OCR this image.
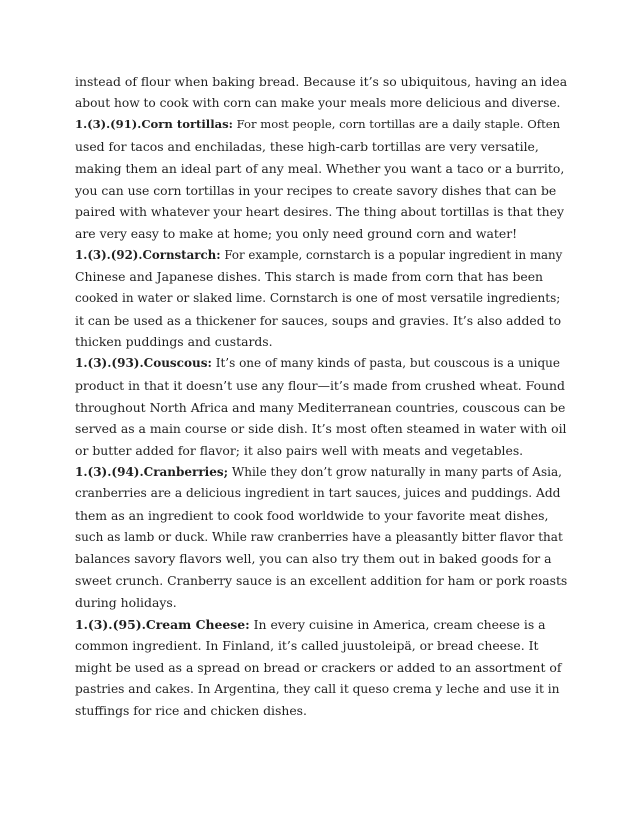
instead of flour when baking bread. Because it’s so ubiquitous, having an idea
about how to cook with corn can make your meals more delicious and diverse.
1.(3).(91).Corn tortillas: For most people, corn tortillas are a daily staple. Often
used for tacos and enchiladas, these high-carb tortillas are very versatile,
making them an ideal part of any meal. Whether you want a taco or a burrito,
you can use corn tortillas in your recipes to create savory dishes that can be
paired with whatever your heart desires. The thing about tortillas is that they
are very easy to make at home; you only need ground corn and water!
1.(3).(92).Cornstarch: For example, cornstarch is a popular ingredient in many
Chinese and Japanese dishes. This starch is made from corn that has been
cooked in water or slaked lime. Cornstarch is one of most versatile ingredients;
it can be used as a thickener for sauces, soups and gravies. It’s also added to
thicken puddings and custards.
1.(3).(93).Couscous: It’s one of many kinds of pasta, but couscous is a unique
product in that it doesn’t use any flour—it’s made from crushed wheat. Found
throughout North Africa and many Mediterranean countries, couscous can be
served as a main course or side dish. It’s most often steamed in water with oil
or butter added for flavor; it also pairs well with meats and vegetables.
1.(3).(94).Cranberries; While they don’t grow naturally in many parts of Asia,
cranberries are a delicious ingredient in tart sauces, juices and puddings. Add
them as an ingredient to cook food worldwide to your favorite meat dishes,
such as lamb or duck. While raw cranberries have a pleasantly bitter flavor that
balances savory flavors well, you can also try them out in baked goods for a
sweet crunch. Cranberry sauce is an excellent addition for ham or pork roasts
during holidays.
1.(3).(95).Cream Cheese: In every cuisine in America, cream cheese is a
common ingredient. In Finland, it’s called juustoleipä, or bread cheese. It
might be used as a spread on bread or crackers or added to an assortment of
pastries and cakes. In Argentina, they call it queso crema y leche and use it in
stuffings for rice and chicken dishes.
